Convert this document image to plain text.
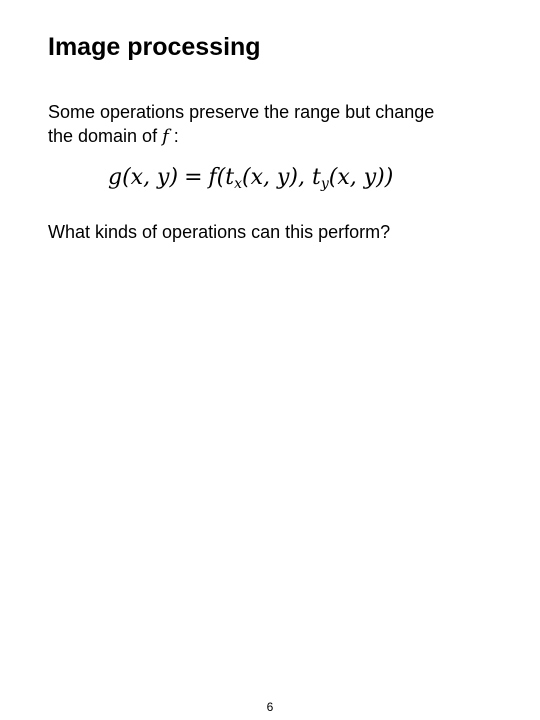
Image processing

Some operations preserve the range but change
the domain of f :

g(x, $y) = f(t_x(x$, y), $t_y(x$, y))

What kinds of operations can this perform?

6
